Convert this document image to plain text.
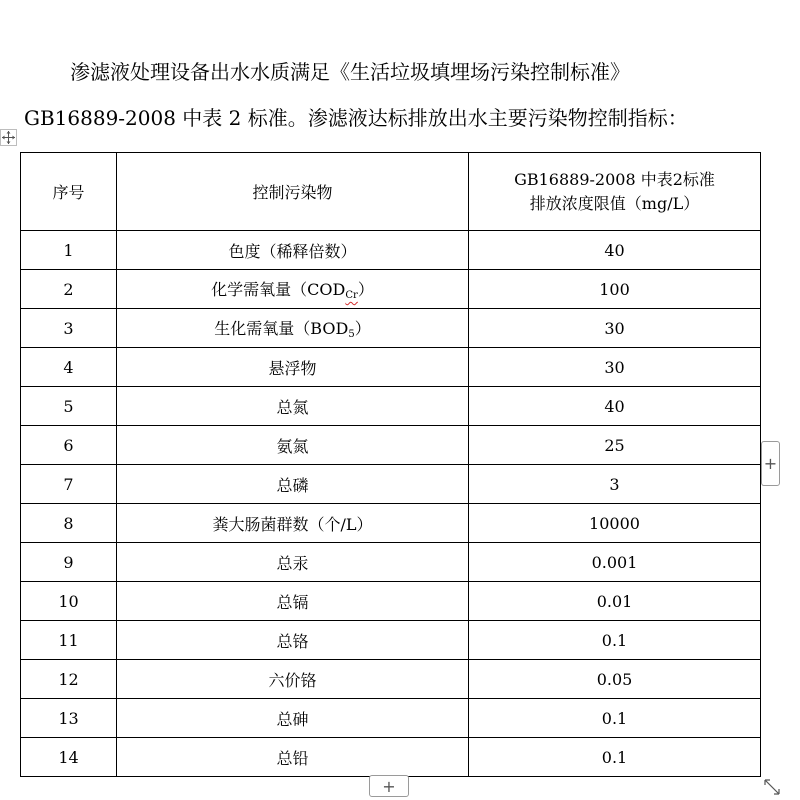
渗滤液处理设备出水水质满足《生活垃圾填埋场污染控制标准》
GB16889-2008 中表 2 标准。渗滤液达标排放出水主要污染物控制指标：
序号	控制污染物	GB16889-2008 中表2标准
排放浓度限值（mg/L）

1	色度（稀释倍数）	40
2	化学需氧量$(COD_{Cr})$	100
3	生化需氧量$(BOD_5)$	30
4	悬浮物	30
5	总氮	40
6	氨氮	25
7	总磷	3
8	粪大肠菌群数（个/L）	10000
9	总汞	0.001
10	总镉	0.01
11	总铬	0.1
12	六价铬	0.05
13	总砷	0.1
14	总铅	0.1
+
+
